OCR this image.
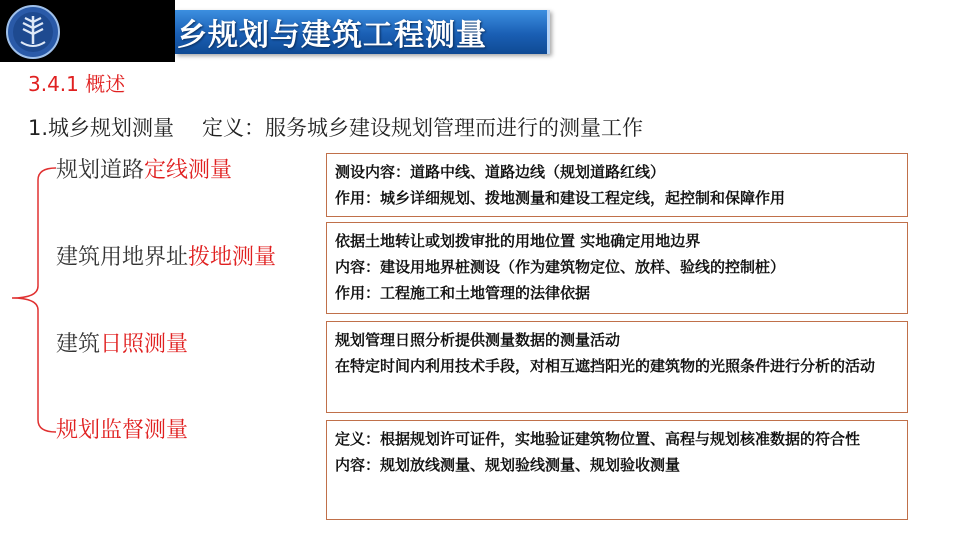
乡规划与建筑工程测量
3.4.1 概述
1.城乡规划测量 定义：服务城乡建设规划管理而进行的测量工作
规划道路定线测量
建筑用地界址拨地测量
建筑日照测量
规划监督测量
测设内容：道路中线、道路边线（规划道路红线）
作用：城乡详细规划、拨地测量和建设工程定线，起控制和保障作用
依据土地转让或划拨审批的用地位置 实地确定用地边界
内容：建设用地界桩测设（作为建筑物定位、放样、验线的控制桩）
作用：工程施工和土地管理的法律依据
规划管理日照分析提供测量数据的测量活动
在特定时间内利用技术手段，对相互遮挡阳光的建筑物的光照条件进行分析的活动
定义：根据规划许可证件，实地验证建筑物位置、高程与规划核准数据的符合性
内容：规划放线测量、规划验线测量、规划验收测量
